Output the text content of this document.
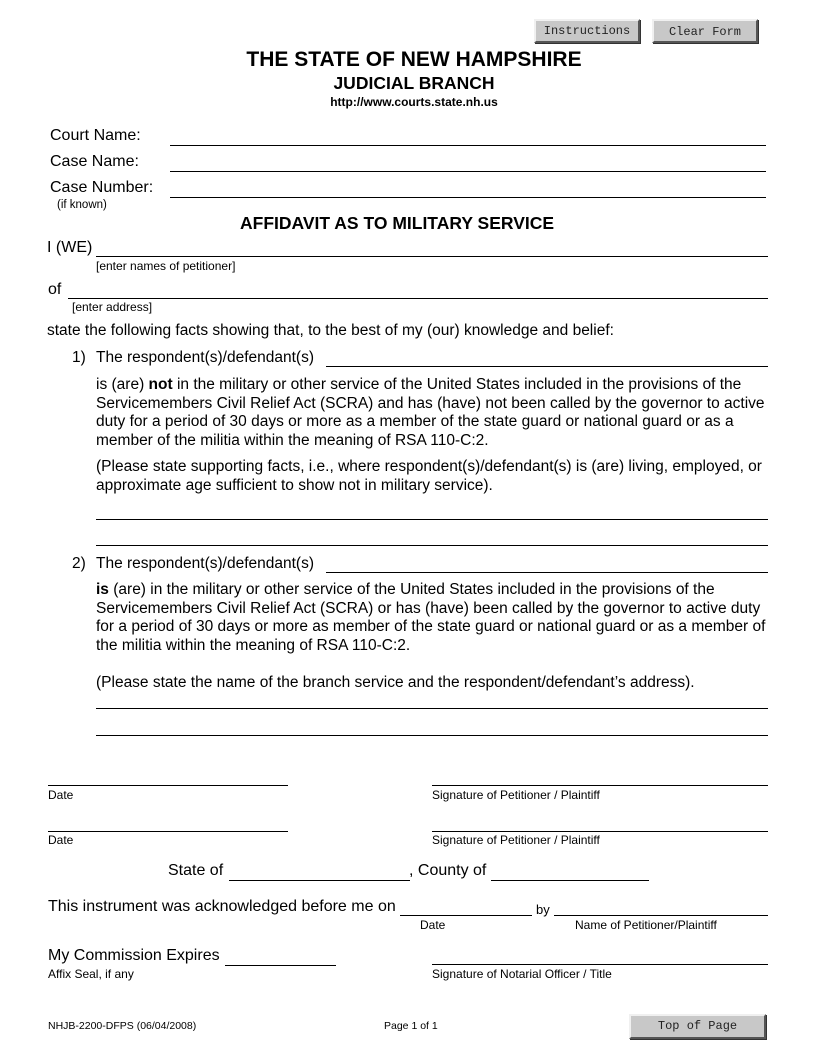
Instructions	Clear Form
THE STATE OF NEW HAMPSHIRE
JUDICIAL BRANCH
http://www.courts.state.nh.us
Court Name:
Case Name:
Case Number:
(if known)
AFFIDAVIT AS TO MILITARY SERVICE
I (WE)
[enter names of petitioner]
of
[enter address]
state the following facts showing that, to the best of my (our) knowledge and belief:
1) The respondent(s)/defendant(s)
is (are) not in the military or other service of the United States included in the provisions of the Servicemembers Civil Relief Act (SCRA) and has (have) not been called by the governor to active duty for a period of 30 days or more as a member of the state guard or national guard or as a member of the militia within the meaning of RSA 110-C:2.
(Please state supporting facts, i.e., where respondent(s)/defendant(s) is (are) living, employed, or approximate age sufficient to show not in military service).
2) The respondent(s)/defendant(s)
is (are) in the military or other service of the United States included in the provisions of the Servicemembers Civil Relief Act (SCRA) or has (have) been called by the governor to active duty for a period of 30 days or more as member of the state guard or national guard or as a member of the militia within the meaning of RSA 110-C:2.
(Please state the name of the branch service and the respondent/defendant’s address).
Date	Signature of Petitioner / Plaintiff
Date	Signature of Petitioner / Plaintiff
State of	, County of
This instrument was acknowledged before me on	by
Date	Name of Petitioner/Plaintiff
My Commission Expires
Affix Seal, if any	Signature of Notarial Officer / Title
NHJB-2200-DFPS (06/04/2008)	Page 1 of 1	Top of Page
